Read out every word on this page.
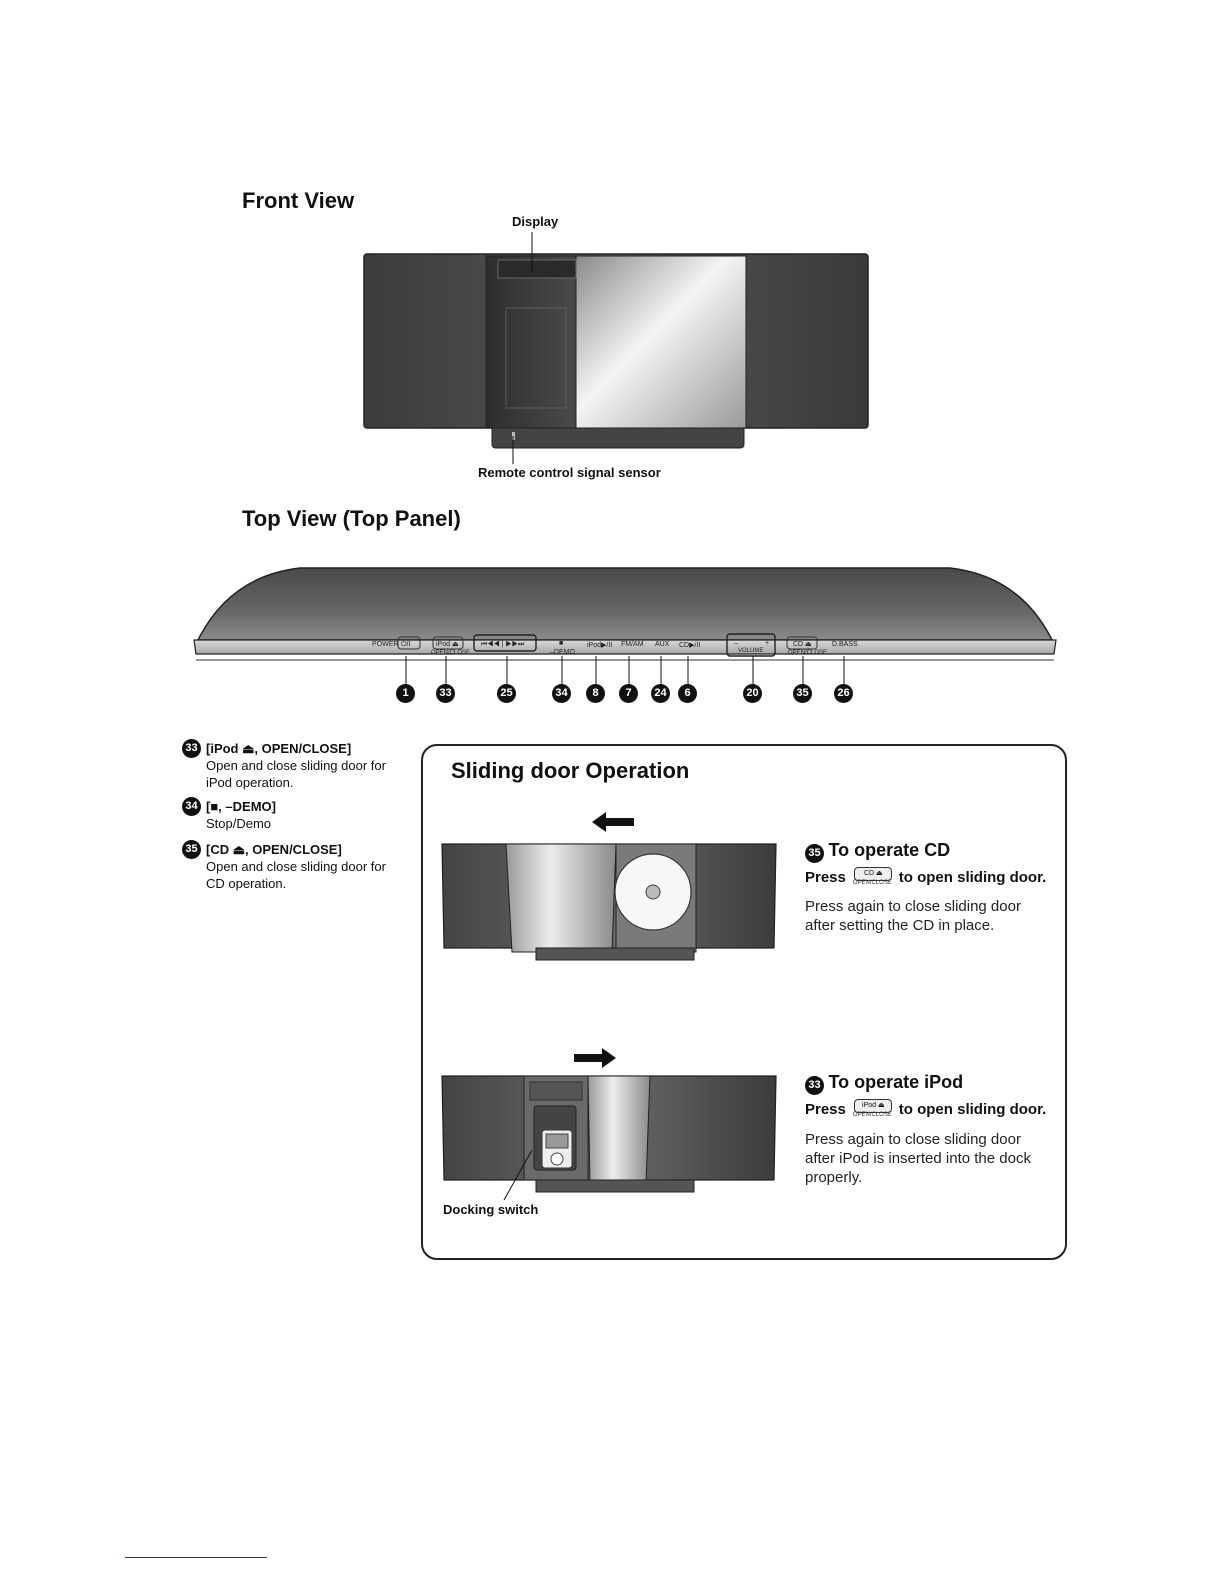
Front View
Display
Remote control signal sensor
Top View (Top Panel)
POWER ⏻/I	iPod ⏏
OPEN/CLOSE
⏮◀◀ | ▶▶⏭	■
–DEMO
iPod▶/II FM/AM AUX CD▶/II	–	+
VOLUME
CD ⏏
OPEN/CLOSE
D.BASS
1	33	25	34	8	7	24	6	20	35	26
33 [iPod ⏏, OPEN/CLOSE]
Open and close sliding door for iPod operation.
34 [■, –DEMO]
Stop/Demo
35 [CD ⏏, OPEN/CLOSE]
Open and close sliding door for CD operation.
Sliding door Operation
35 To operate CD
Press	CD ⏏
OPEN/CLOSE to open sliding door.
Press again to close sliding door after setting the CD in place.
Docking switch
33 To operate iPod
Press	iPod ⏏
OPEN/CLOSE to open sliding door.
Press again to close sliding door after iPod is inserted into the dock properly.
